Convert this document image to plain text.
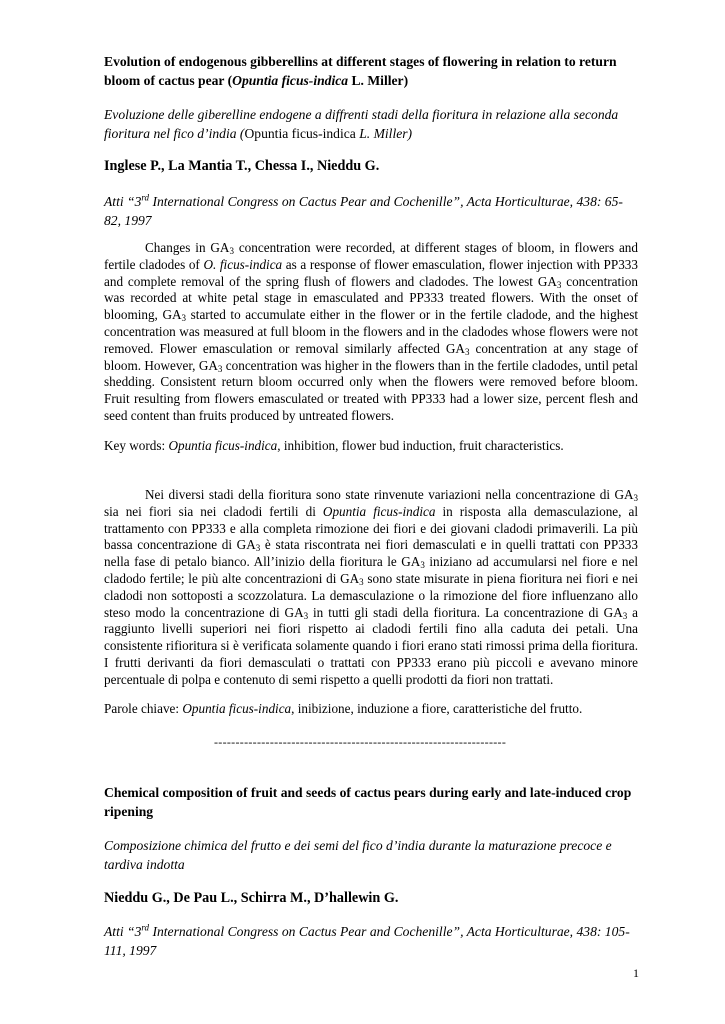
Evolution of endogenous gibberellins at different stages of flowering in relation to return bloom of cactus pear (Opuntia ficus-indica L. Miller)

Evoluzione delle giberelline endogene a diffrenti stadi della fioritura in relazione alla seconda fioritura nel fico d’india (Opuntia ficus-indica L. Miller)

Inglese P., La Mantia T., Chessa I., Nieddu G.

Atti “3rd International Congress on Cactus Pear and Cochenille”, Acta Horticulturae, 438: 65-82, 1997

Changes in $GA_3$ concentration were recorded, at different stages of bloom, in flowers and fertile cladodes of O. ficus-indica as a response of flower emasculation, flower injection with PP333 and complete removal of the spring flush of flowers and cladodes. The lowest $GA_3$ concentration was recorded at white petal stage in emasculated and PP333 treated flowers. With the onset of blooming, $GA_3$ started to accumulate either in the flower or in the fertile cladode, and the highest concentration was measured at full bloom in the flowers and in the cladodes whose flowers were not removed. Flower emasculation or removal similarly affected $GA_3$ concentration at any stage of bloom. However, $GA_3$ concentration was higher in the flowers than in the fertile cladodes, until petal shedding. Consistent return bloom occurred only when the flowers were removed before bloom. Fruit resulting from flowers emasculated or treated with PP333 had a lower size, percent flesh and seed content than fruits produced by untreated flowers.

Key words: Opuntia ficus-indica, inhibition, flower bud induction, fruit characteristics.

Nei diversi stadi della fioritura sono state rinvenute variazioni nella concentrazione di $GA_3$ sia nei fiori sia nei cladodi fertili di Opuntia ficus-indica in risposta alla demasculazione, al trattamento con PP333 e alla completa rimozione dei fiori e dei giovani cladodi primaverili. La più bassa concentrazione di $GA_3$ è stata riscontrata nei fiori demasculati e in quelli trattati con PP333 nella fase di petalo bianco. All’inizio della fioritura le $GA_3$ iniziano ad accumularsi nel fiore e nel cladodo fertile; le più alte concentrazioni di $GA_3$ sono state misurate in piena fioritura nei fiori e nei cladodi non sottoposti a scozzolatura. La demasculazione o la rimozione del fiore influenzano allo steso modo la concentrazione di $GA_3$ in tutti gli stadi della fioritura. La concentrazione di $GA_3$ a raggiunto livelli superiori nei fiori rispetto ai cladodi fertili fino alla caduta dei petali. Una consistente rifioritura si è verificata solamente quando i fiori erano stati rimossi prima della fioritura. I frutti derivanti da fiori demasculati o trattati con PP333 erano più piccoli e avevano minore percentuale di polpa e contenuto di semi rispetto a quelli prodotti da fiori non trattati.

Parole chiave: Opuntia ficus-indica, inibizione, induzione a fiore, caratteristiche del frutto.

--------------------------------------------------------------------

Chemical composition of fruit and seeds of cactus pears during early and late-induced crop ripening

Composizione chimica del frutto e dei semi del fico d’india durante la maturazione precoce e tardiva indotta

Nieddu G., De Pau L., Schirra M., D’hallewin G.

Atti “3rd International Congress on Cactus Pear and Cochenille”, Acta Horticulturae, 438: 105-111, 1997

1
